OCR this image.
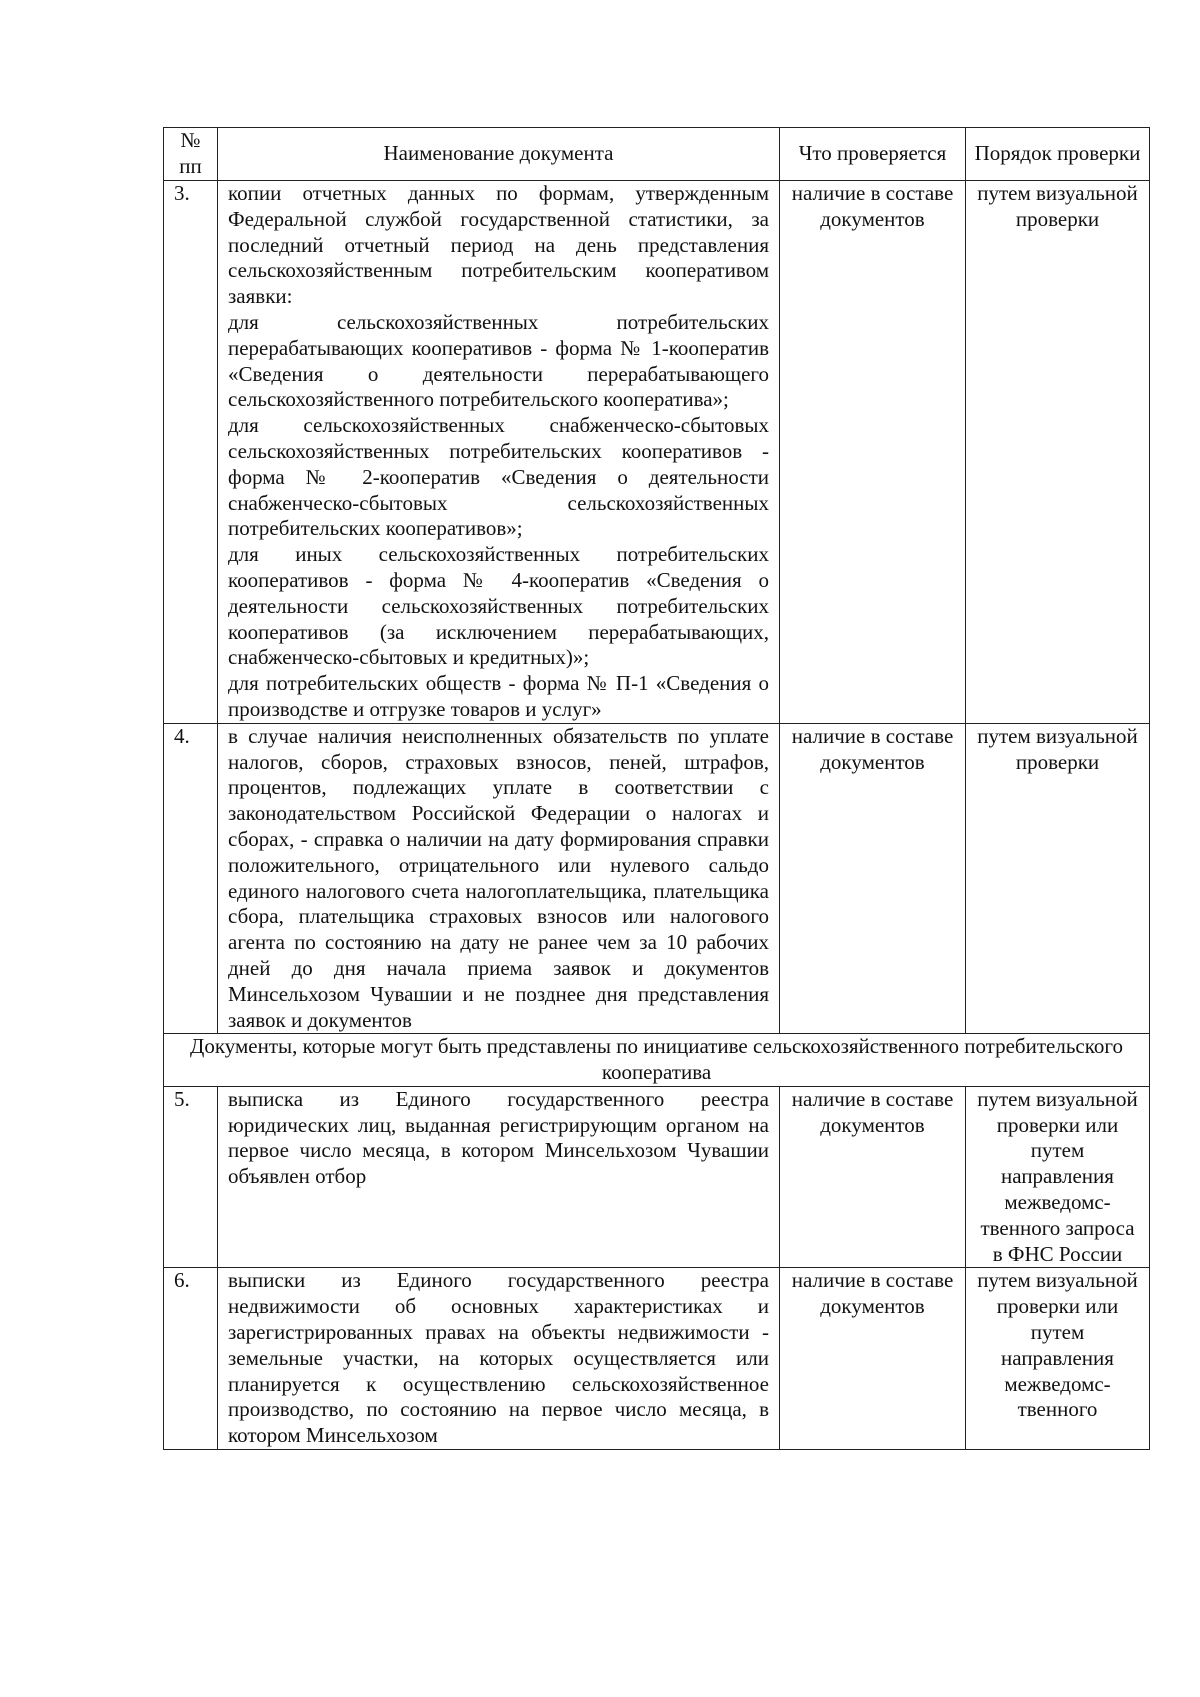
№ пп	Наименование документа	Что проверяется	Порядок проверки
3.	копии отчетных данных по формам, утвержденным Федеральной службой государственной статистики, за последний отчетный период на день представления сельскохозяйственным потребительским кооперативом заявки:

для сельскохозяйственных потребительских перерабатывающих кооперативов - форма № 1-кооператив «Сведения о деятельности перерабатывающего сельскохозяйственного потребительского кооператива»;

для сельскохозяйственных снабженческо-сбытовых сельскохозяйственных потребительских кооперативов - форма № 2-кооператив «Сведения о деятельности снабженческо-сбытовых сельскохозяйственных потребительских кооперативов»;

для иных сельскохозяйственных потребительских кооперативов - форма № 4-кооператив «Сведения о деятельности сельскохозяйственных потребительских кооперативов (за исключением перерабатывающих, снабженческо-сбытовых и кредитных)»;

для потребительских обществ - форма № П-1 «Сведения о производстве и отгрузке товаров и услуг»	наличие в составе документов	путем визуальной проверки
4.	в случае наличия неисполненных обязательств по уплате налогов, сборов, страховых взносов, пеней, штрафов, процентов, подлежащих уплате в соответствии с законодательством Российской Федерации о налогах и сборах, - справка о наличии на дату формирования справки положительного, отрицательного или нулевого сальдо единого налогового счета налогоплательщика, плательщика сбора, плательщика страховых взносов или налогового агента по состоянию на дату не ранее чем за 10 рабочих дней до дня начала приема заявок и документов Минсельхозом Чувашии и не позднее дня представления заявок и документов	наличие в составе документов	путем визуальной проверки
Документы, которые могут быть представлены по инициативе сельскохозяйственного потребительского кооператива			
5.	выписка из Единого государственного реестра юридических лиц, выданная регистрирующим органом на первое число месяца, в котором Минсельхозом Чувашии объявлен отбор	наличие в составе документов	путем визуальной проверки или путем направления межведомс-твенного запроса в ФНС России
6.	выписки из Единого государственного реестра недвижимости об основных характеристиках и зарегистрированных правах на объекты недвижимости - земельные участки, на которых осуществляется или планируется к осуществлению сельскохозяйственное производство, по состоянию на первое число месяца, в котором Минсельхозом	наличие в составе документов	путем визуальной проверки или путем направления межведомс-твенного
